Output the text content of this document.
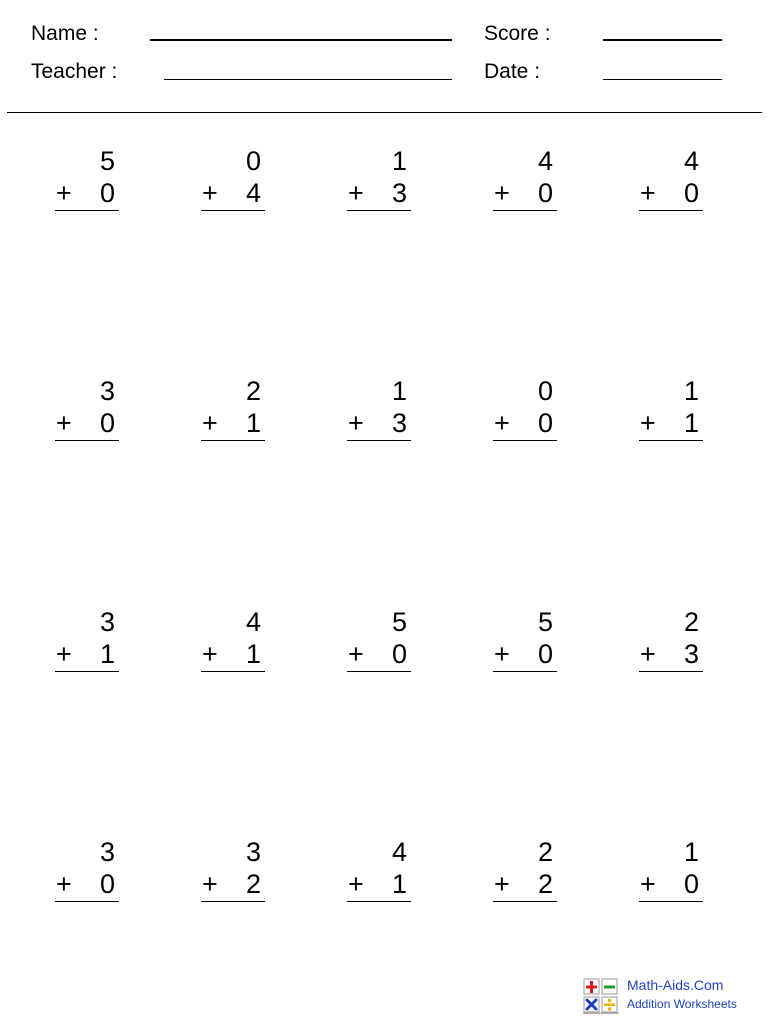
Name :
Teacher :
Score :
Date :
5
+ 0
0
+ 4
1
+ 3
4
+ 0
4
+ 0
3
+ 0
2
+ 1
1
+ 3
0
+ 0
1
+ 1
3
+ 1
4
+ 1
5
+ 0
5
+ 0
2
+ 3
3
+ 0
3
+ 2
4
+ 1
2
+ 2
1
+ 0
Math-Aids.Com
Addition Worksheets
